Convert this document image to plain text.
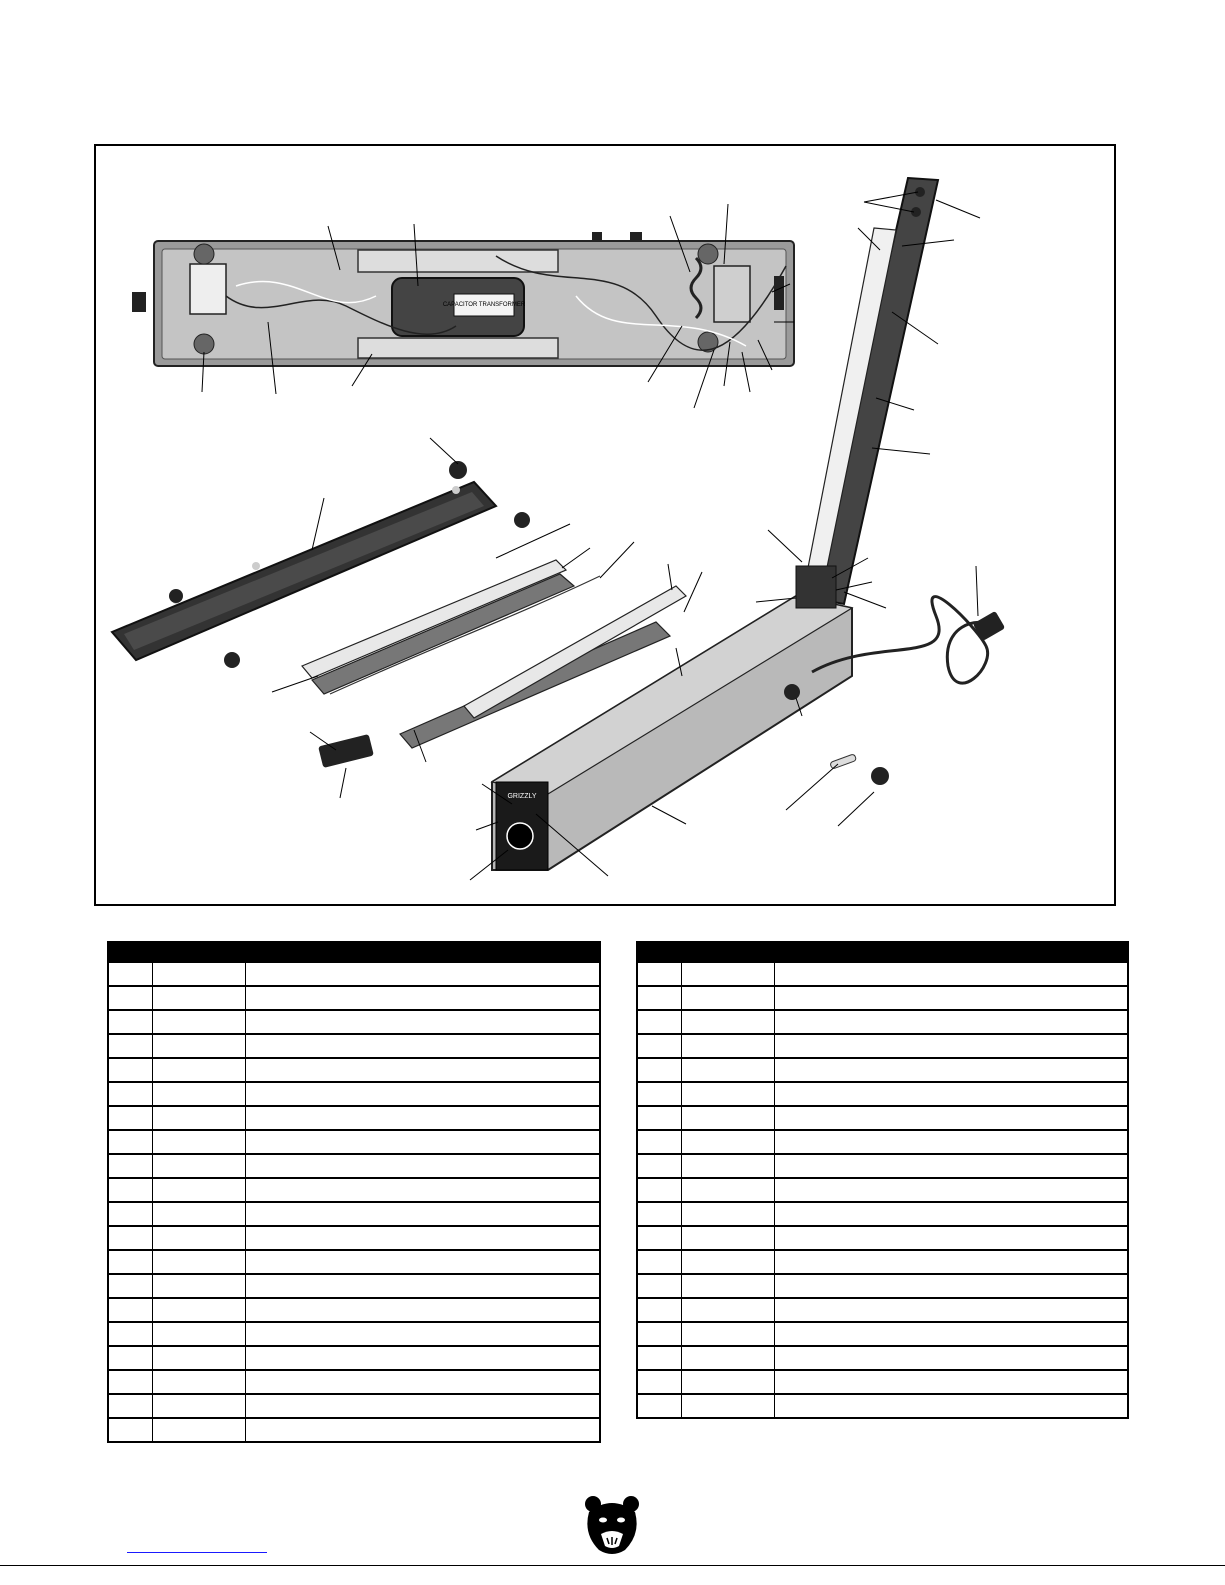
CAPACITOR TRANSFORMER
GRIZZLY
